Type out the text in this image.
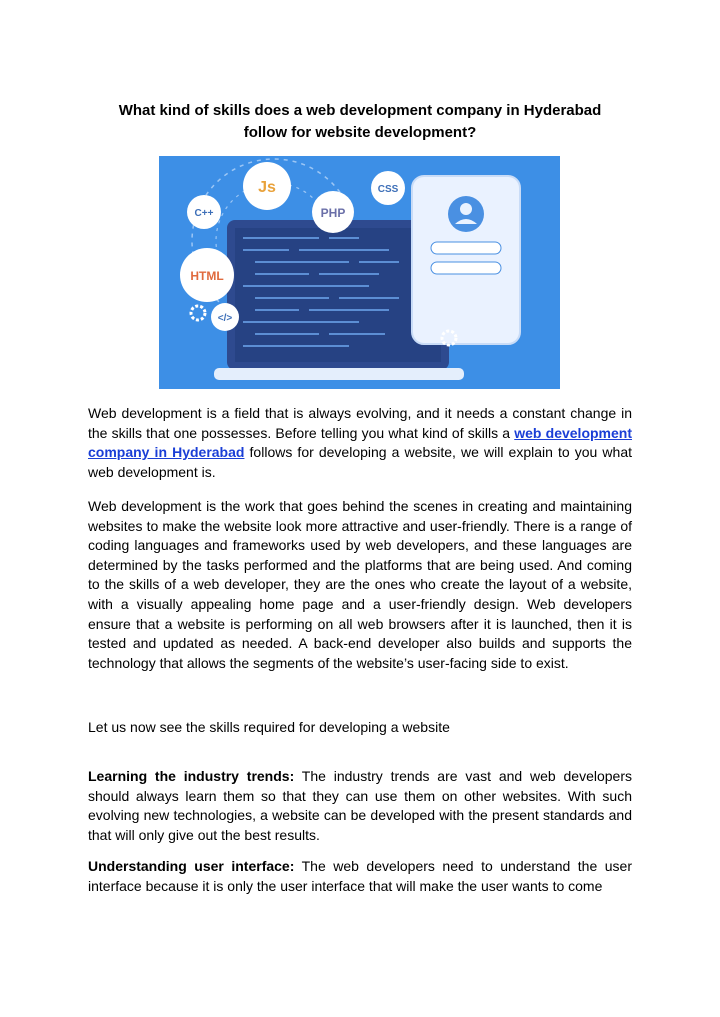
What kind of skills does a web development company in Hyderabad
follow for website development?
Js	CSS
C++	PHP
HTML
</>

Web development is a field that is always evolving, and it needs a constant change in the skills that one possesses. Before telling you what kind of skills a web development company in Hyderabad follows for developing a website, we will explain to you what web development is.

Web development is the work that goes behind the scenes in creating and maintaining websites to make the website look more attractive and user-friendly. There is a range of coding languages and frameworks used by web developers, and these languages are determined by the tasks performed and the platforms that are being used. And coming to the skills of a web developer, they are the ones who create the layout of a website, with a visually appealing home page and a user-friendly design. Web developers ensure that a website is performing on all web browsers after it is launched, then it is tested and updated as needed. A back-end developer also builds and supports the technology that allows the segments of the website’s user-facing side to exist.

Let us now see the skills required for developing a website

Learning the industry trends: The industry trends are vast and web developers should always learn them so that they can use them on other websites. With such evolving new technologies, a website can be developed with the present standards and that will only give out the best results.

Understanding user interface: The web developers need to understand the user interface because it is only the user interface that will make the user wants to come
